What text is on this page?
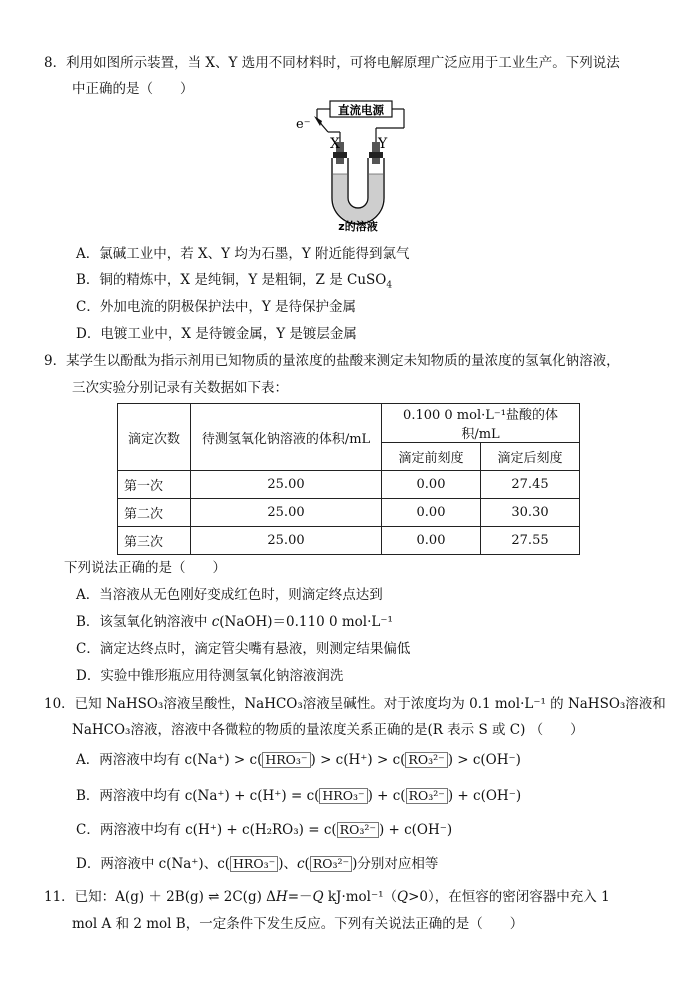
8．利用如图所示装置，当 X、Y 选用不同材料时，可将电解原理广泛应用于工业生产。下列说法
中正确的是（　　）
直流电源
e⁻
X	Y
z的溶液
A．氯碱工业中，若 X、Y 均为石墨，Y 附近能得到氯气
B．铜的精炼中，X 是纯铜，Y 是粗铜，Z 是 CuSO$_4$
C．外加电流的阴极保护法中，Y 是待保护金属
D．电镀工业中，X 是待镀金属，Y 是镀层金属
9．某学生以酚酞为指示剂用已知物质的量浓度的盐酸来测定未知物质的量浓度的氢氧化钠溶液，
三次实验分别记录有关数据如下表：
滴定次数	待测氢氧化钠溶液的体积/mL	0.100 0 mol·L⁻¹盐酸的体积/mL	
		滴定前刻度	滴定后刻度
第一次	25.00	0.00	27.45
第二次	25.00	0.00	30.30
第三次	25.00	0.00	27.55
下列说法正确的是（　　）
A．当溶液从无色刚好变成红色时，则滴定终点达到
B．该氢氧化钠溶液中 c(NaOH)＝0.110 0 mol·L⁻¹
C．滴定达终点时，滴定管尖嘴有悬液，则测定结果偏低
D．实验中锥形瓶应用待测氢氧化钠溶液润洗
10．已知 NaHSO₃溶液呈酸性，NaHCO₃溶液呈碱性。对于浓度均为 0.1 mol·L⁻¹ 的 NaHSO₃溶液和
NaHCO₃溶液，溶液中各微粒的物质的量浓度关系正确的是(R 表示 S 或 C) （　　）
A．两溶液中均有 c(Na⁺) > c( HRO₃⁻ ) > c(H⁺) > c( RO₃²⁻ ) > c(OH⁻)
B．两溶液中均有 c(Na⁺) + c(H⁺) = c( HRO₃⁻ ) + c( RO₃²⁻ ) + c(OH⁻)
C．两溶液中均有 c(H⁺) + c(H₂RO₃) = c( RO₃²⁻ ) + c(OH⁻)
D．两溶液中 c(Na⁺)、c( HRO₃⁻ )、c( RO₃²⁻ )分别对应相等
11．已知：A(g) ＋ 2B(g) ⇌ 2C(g) ΔH=－Q kJ·mol⁻¹（Q>0），在恒容的密闭容器中充入 1
mol A 和 2 mol B，一定条件下发生反应。下列有关说法正确的是（　　）
